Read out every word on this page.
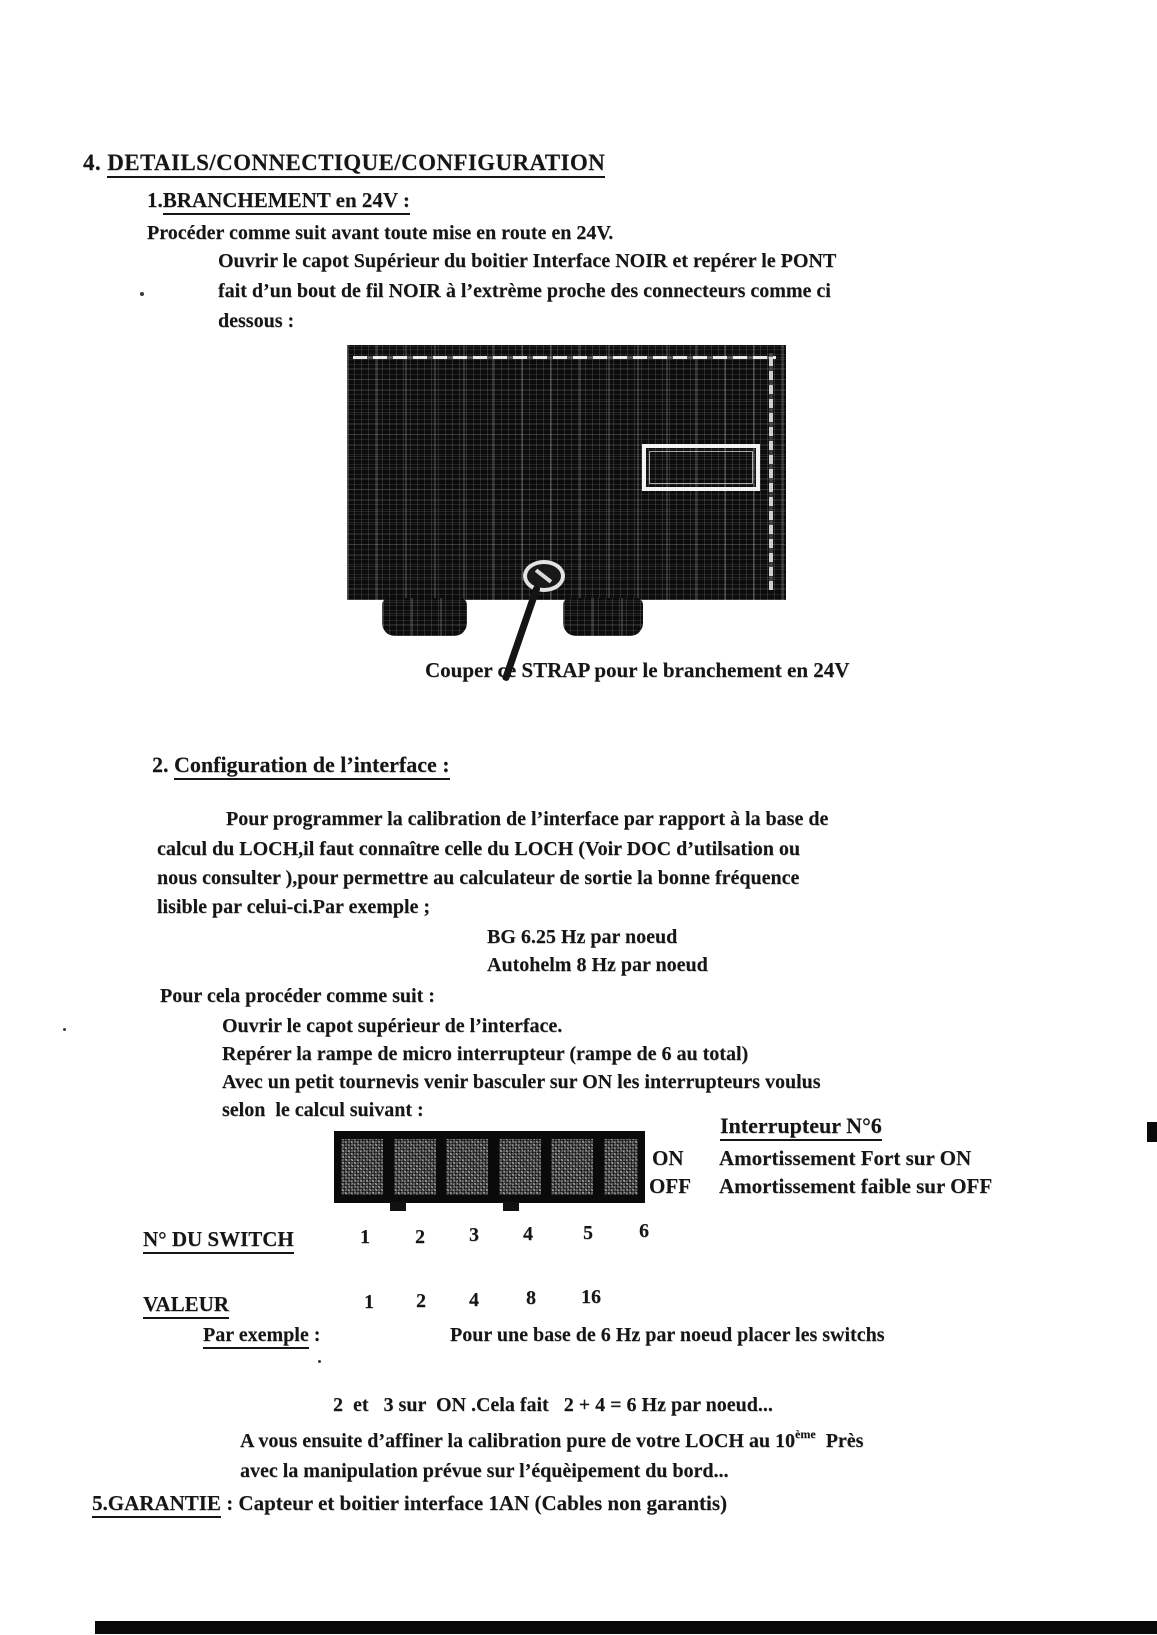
4. DETAILS/CONNECTIQUE/CONFIGURATION
1.BRANCHEMENT en 24V :
Procéder comme suit avant toute mise en route en 24V.
Ouvrir le capot Supérieur du boitier Interface NOIR et repérer le PONT
fait d’un bout de fil NOIR à l’extrème proche des connecteurs comme ci
dessous :
Couper ce STRAP pour le branchement en 24V
2. Configuration de l’interface :
Pour programmer la calibration de l’interface par rapport à la base de
calcul du LOCH,il faut connaître celle du LOCH (Voir DOC d’utilsation ou
nous consulter ),pour permettre au calculateur de sortie la bonne fréquence
lisible par celui-ci.Par exemple ;
BG 6.25 Hz par noeud
Autohelm 8 Hz par noeud
Pour cela procéder comme suit :
Ouvrir le capot supérieur de l’interface.
Repérer la rampe de micro interrupteur (rampe de 6 au total)
Avec un petit tournevis venir basculer sur ON les interrupteurs voulus
selon  le calcul suivant :
Interrupteur N°6
ON Amortissement Fort sur ON
OFF Amortissement faible sur OFF
N° DU SWITCH	1 2 3 4	5 6
VALEUR	1 2 4 8 16
Par exemple :	Pour une base de 6 Hz par noeud placer les switchs
2  et   3 sur  ON .Cela fait   2 + 4 = 6 Hz par noeud...
A vous ensuite d’affiner la calibration pure de votre LOCH au 10ème  Près
avec la manipulation prévue sur l’équèipement du bord...
5.GARANTIE : Capteur et boitier interface 1AN (Cables non garantis)
